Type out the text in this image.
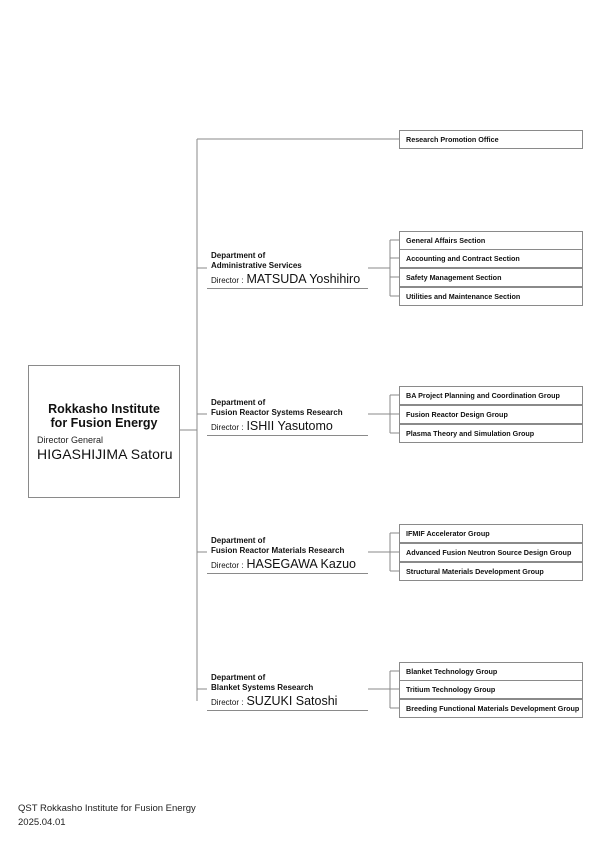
Rokkasho Institute
for Fusion Energy
Director General
HIGASHIJIMA Satoru
Research Promotion Office
Department of
Administrative Services
Director : MATSUDA Yoshihiro
General Affairs Section
Accounting and Contract Section
Safety Management Section
Utilities and Maintenance Section
Department of
Fusion Reactor Systems Research
Director : ISHII Yasutomo
BA Project Planning and Coordination Group
Fusion Reactor Design Group
Plasma Theory and Simulation Group
Department of
Fusion Reactor Materials Research
Director : HASEGAWA Kazuo
IFMIF Accelerator Group
Advanced Fusion Neutron Source Design Group
Structural Materials Development Group
Department of
Blanket Systems Research
Director : SUZUKI Satoshi
Blanket Technology Group
Tritium Technology Group
Breeding Functional Materials Development Group
QST Rokkasho Institute for Fusion Energy
2025.04.01
